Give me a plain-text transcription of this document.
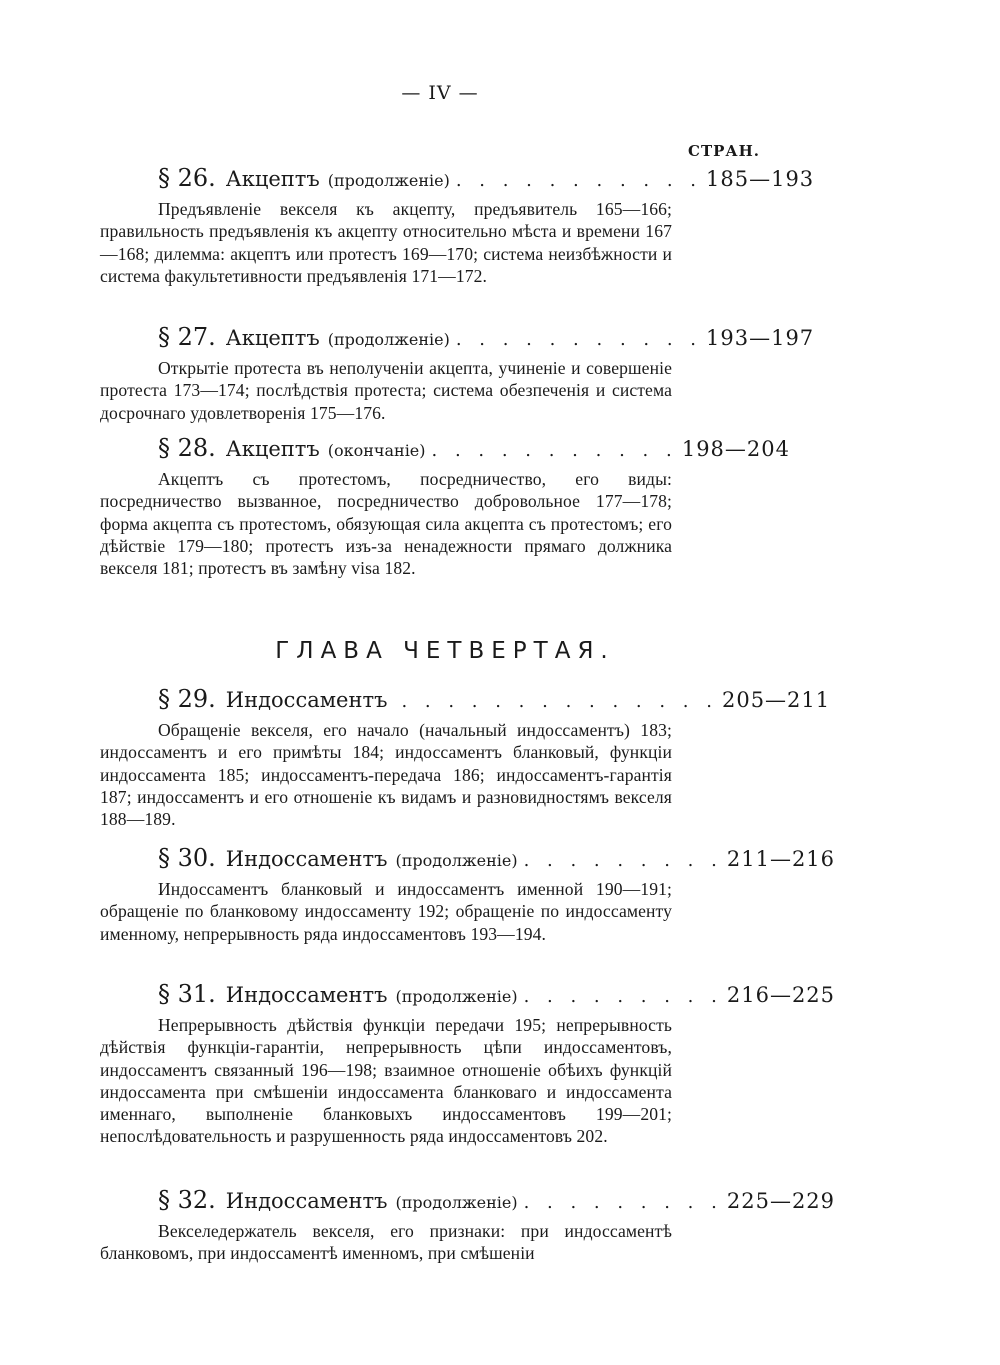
— IV —
СТРАН.
§ 26. Акцептъ (продолженіе) . . . . . . . . . . . 185—193
Предъявленіе векселя къ акцепту, предъявитель 165—166; правильность предъявленія къ акцепту относительно мѣста и времени 167—168; дилемма: акцептъ или протестъ 169—170; система неизбѣжности и система факультетивности предъявленія 171—172.
§ 27. Акцептъ (продолженіе) . . . . . . . . . . . 193—197
Открытіе протеста въ неполученіи акцепта, учиненіе и совершеніе протеста 173—174; послѣдствія протеста; система обезпеченія и система досрочнаго удовлетворенія 175—176.
§ 28. Акцептъ (окончаніе) . . . . . . . . . . . 198—204
Акцептъ съ протестомъ, посредничество, его виды: посредничество вызванное, посредничество добровольное 177—178; форма акцепта съ протестомъ, обязующая сила акцепта съ протестомъ; его дѣйствіе 179—180; протестъ изъ-за ненадежности прямаго должника векселя 181; протестъ въ замѣну visa 182.
ГЛАВА ЧЕТВЕРТАЯ.
§ 29. Индоссаментъ . . . . . . . . . . . . . . 205—211
Обращеніе векселя, его начало (начальный индоссаментъ) 183; индоссаментъ и его примѣты 184; индоссаментъ бланковый, функціи индоссамента 185; индоссаментъ-передача 186; индоссаментъ-гарантія 187; индоссаментъ и его отношеніе къ видамъ и разновидностямъ векселя 188—189.
§ 30. Индоссаментъ (продолженіе) . . . . . . . . . 211—216
Индоссаментъ бланковый и индоссаментъ именной 190—191; обращеніе по бланковому индоссаменту 192; обращеніе по индоссаменту именному, непрерывность ряда индоссаментовъ 193—194.
§ 31. Индоссаментъ (продолженіе) . . . . . . . . . 216—225
Непрерывность дѣйствія функціи передачи 195; непрерывность дѣйствія функціи-гарантіи, непрерывность цѣпи индоссаментовъ, индоссаментъ связанный 196—198; взаимное отношеніе обѣихъ функцій индоссамента при смѣшеніи индоссамента бланковаго и индоссамента именнаго, выполненіе бланковыхъ индоссаментовъ 199—201; непослѣдовательность и разрушенность ряда индоссаментовъ 202.
§ 32. Индоссаментъ (продолженіе) . . . . . . . . . 225—229
Векселедержатель векселя, его признаки: при индоссаментѣ бланковомъ, при индоссаментѣ именномъ, при смѣшеніи
